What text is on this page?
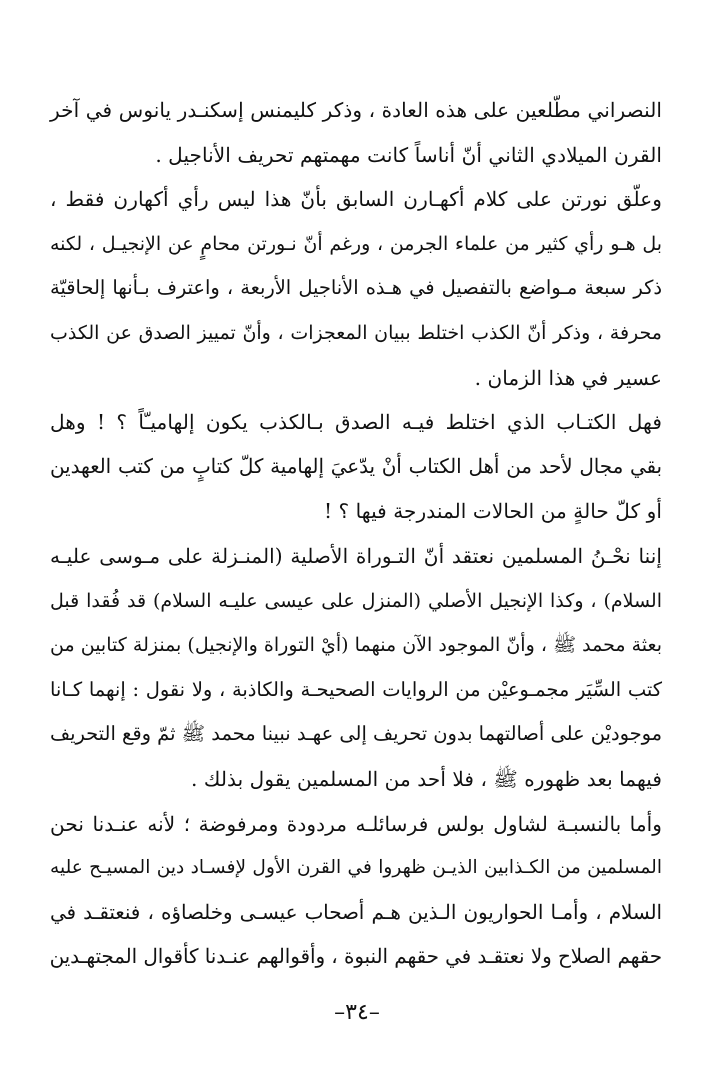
النصراني مطّلعين على هذه العادة ، وذكر كليمنس إسكنـدر يانوس في آخر
القرن الميلادي الثاني أنّ أناساً كانت مهمتهم تحريف الأناجيل .
وعلّق نورتن على كلام أكهـارن السابق بأنّ هذا ليس رأي أكهارن فقط ،
بل هـو رأي كثير من علماء الجرمن ، ورغم أنّ نـورتن محامٍ عن الإنجيـل ، لكنه
ذكر سبعة مـواضع بالتفصيل في هـذه الأناجيل الأربعة ، واعترف بـأنها إلحاقيّة
محرفة ، وذكر أنّ الكذب اختلط ببيان المعجزات ، وأنّ تمييز الصدق عن الكذب
عسير في هذا الزمان .
فهل الكتـاب الذي اختلط فيـه الصدق بـالكذب يكون إلهاميـّاً ؟ ! وهل
بقي مجال لأحد من أهل الكتاب أنْ يدّعيَ إلهامية كلّ كتابٍ من كتب العهدين
أو كلّ حالةٍ من الحالات المندرجة فيها ؟ !
إننا نحْـنُ المسلمين نعتقد أنّ التـوراة الأصلية (المنـزلة على مـوسى عليـه
السلام) ، وكذا الإنجيل الأصلي (المنزل على عيسى عليـه السلام) قد فُقدا قبل
بعثة محمد ﷺ ، وأنّ الموجود الآن منهما (أيْ التوراة والإنجيل) بمنزلة كتابين من
كتب السِّيَر مجمـوعيْن من الروايات الصحيحـة والكاذبة ، ولا نقول : إنهما كـانا
موجوديْن على أصالتهما بدون تحريف إلى عهـد نبينا محمد ﷺ ثمّ وقع التحريف
فيهما بعد ظهوره ﷺ ، فلا أحد من المسلمين يقول بذلك .
وأما بالنسبـة لشاول بولس فرسائلـه مردودة ومرفوضة ؛ لأنه عنـدنا نحن
المسلمين من الكـذابين الذيـن ظهروا في القرن الأول لإفسـاد دين المسيـح عليه
السلام ، وأمـا الحواريون الـذين هـم أصحاب عيسـى وخلصاؤه ، فنعتقـد في
حقهم الصلاح ولا نعتقـد في حقهم النبوة ، وأقوالهم عنـدنا كأقوال المجتهـدين
–٣٤–
